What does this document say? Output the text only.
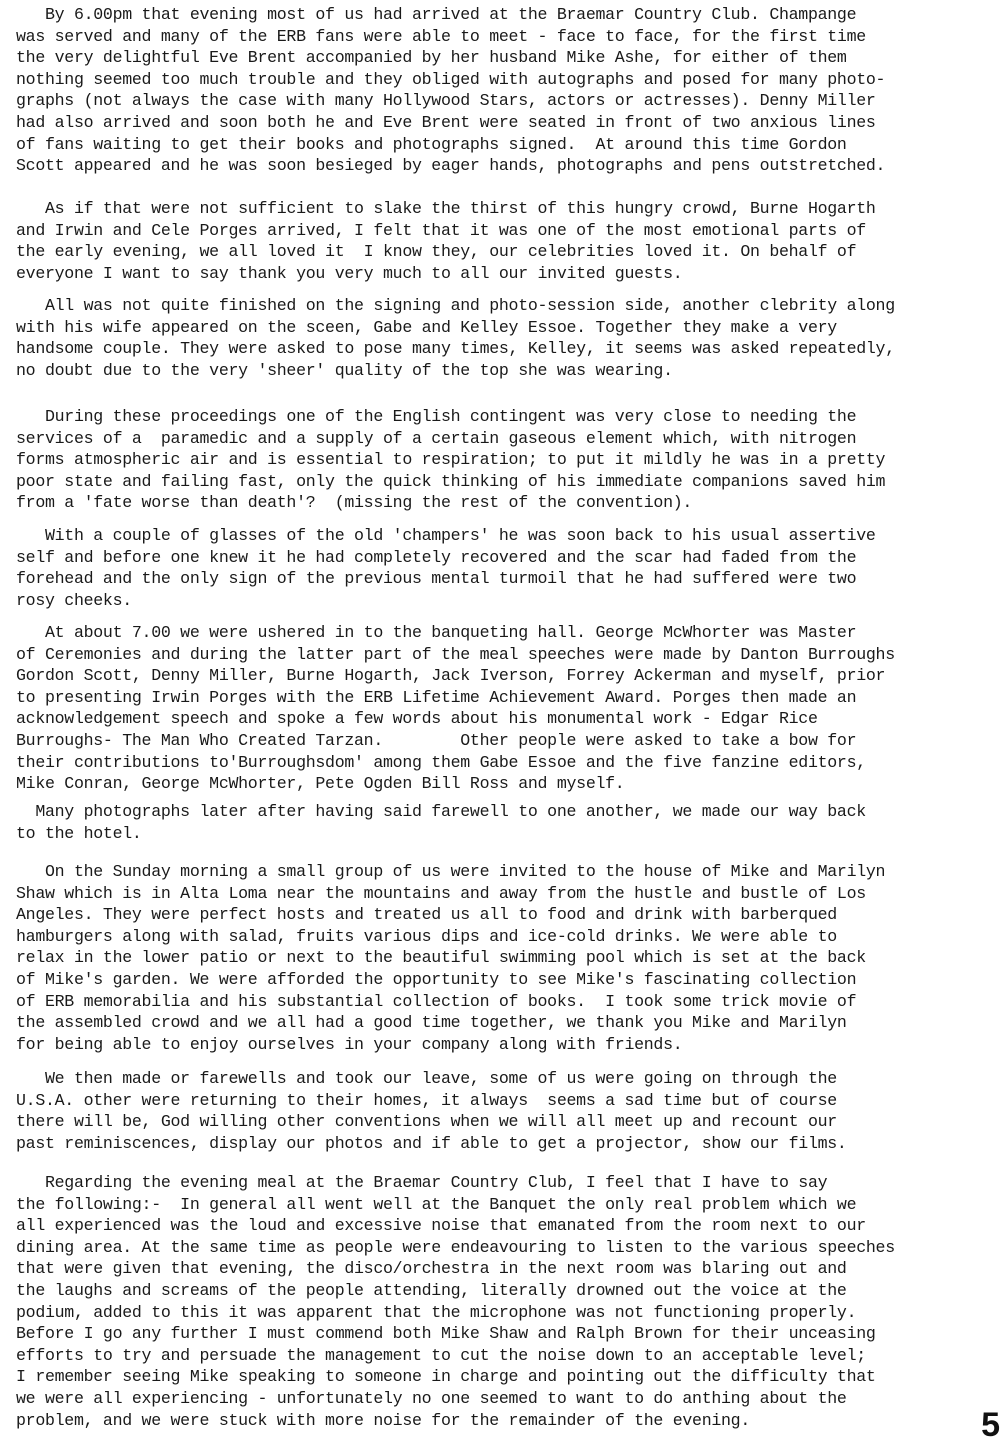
By 6.00pm that evening most of us had arrived at the Braemar Country Club. Champange
was served and many of the ERB fans were able to meet - face to face, for the first time
the very delightful Eve Brent accompanied by her husband Mike Ashe, for either of them
nothing seemed too much trouble and they obliged with autographs and posed for many photo-
graphs (not always the case with many Hollywood Stars, actors or actresses). Denny Miller
had also arrived and soon both he and Eve Brent were seated in front of two anxious lines
of fans waiting to get their books and photographs signed.  At around this time Gordon
Scott appeared and he was soon besieged by eager hands, photographs and pens outstretched.
As if that were not sufficient to slake the thirst of this hungry crowd, Burne Hogarth
and Irwin and Cele Porges arrived, I felt that it was one of the most emotional parts of
the early evening, we all loved it  I know they, our celebrities loved it. On behalf of
everyone I want to say thank you very much to all our invited guests.
All was not quite finished on the signing and photo-session side, another clebrity along
with his wife appeared on the sceen, Gabe and Kelley Essoe. Together they make a very
handsome couple. They were asked to pose many times, Kelley, it seems was asked repeatedly,
no doubt due to the very 'sheer' quality of the top she was wearing.
During these proceedings one of the English contingent was very close to needing the
services of a  paramedic and a supply of a certain gaseous element which, with nitrogen
forms atmospheric air and is essential to respiration; to put it mildly he was in a pretty
poor state and failing fast, only the quick thinking of his immediate companions saved him
from a 'fate worse than death'?  (missing the rest of the convention).
With a couple of glasses of the old 'champers' he was soon back to his usual assertive
self and before one knew it he had completely recovered and the scar had faded from the
forehead and the only sign of the previous mental turmoil that he had suffered were two
rosy cheeks.
At about 7.00 we were ushered in to the banqueting hall. George McWhorter was Master
of Ceremonies and during the latter part of the meal speeches were made by Danton Burroughs
Gordon Scott, Denny Miller, Burne Hogarth, Jack Iverson, Forrey Ackerman and myself, prior
to presenting Irwin Porges with the ERB Lifetime Achievement Award. Porges then made an
acknowledgement speech and spoke a few words about his monumental work - Edgar Rice
Burroughs- The Man Who Created Tarzan.        Other people were asked to take a bow for
their contributions to'Burroughsdom' among them Gabe Essoe and the five fanzine editors,
Mike Conran, George McWhorter, Pete Ogden Bill Ross and myself.
Many photographs later after having said farewell to one another, we made our way back
to the hotel.
On the Sunday morning a small group of us were invited to the house of Mike and Marilyn
Shaw which is in Alta Loma near the mountains and away from the hustle and bustle of Los
Angeles. They were perfect hosts and treated us all to food and drink with barberqued
hamburgers along with salad, fruits various dips and ice-cold drinks. We were able to
relax in the lower patio or next to the beautiful swimming pool which is set at the back
of Mike's garden. We were afforded the opportunity to see Mike's fascinating collection
of ERB memorabilia and his substantial collection of books.  I took some trick movie of
the assembled crowd and we all had a good time together, we thank you Mike and Marilyn
for being able to enjoy ourselves in your company along with friends.
We then made or farewells and took our leave, some of us were going on through the
U.S.A. other were returning to their homes, it always  seems a sad time but of course
there will be, God willing other conventions when we will all meet up and recount our
past reminiscences, display our photos and if able to get a projector, show our films.
Regarding the evening meal at the Braemar Country Club, I feel that I have to say
the following:-  In general all went well at the Banquet the only real problem which we
all experienced was the loud and excessive noise that emanated from the room next to our
dining area. At the same time as people were endeavouring to listen to the various speeches
that were given that evening, the disco/orchestra in the next room was blaring out and
the laughs and screams of the people attending, literally drowned out the voice at the
podium, added to this it was apparent that the microphone was not functioning properly.
Before I go any further I must commend both Mike Shaw and Ralph Brown for their unceasing
efforts to try and persuade the management to cut the noise down to an acceptable level;
I remember seeing Mike speaking to someone in charge and pointing out the difficulty that
we were all experiencing - unfortunately no one seemed to want to do anthing about the
problem, and we were stuck with more noise for the remainder of the evening.	5
